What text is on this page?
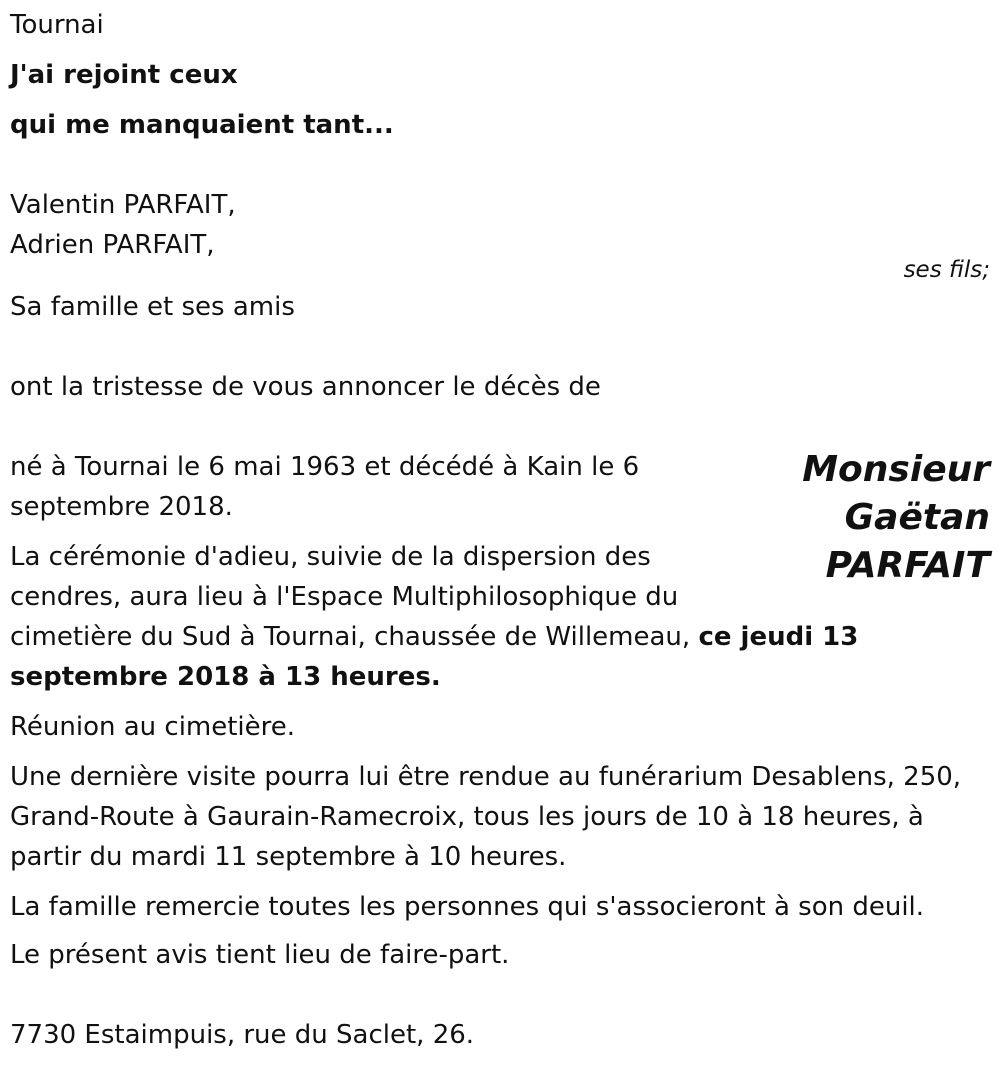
Tournai
J'ai rejoint ceux
qui me manquaient tant...
Valentin PARFAIT,
Adrien PARFAIT,
ses fils;
Sa famille et ses amis
ont la tristesse de vous annoncer le décès de
Monsieur
Gaëtan
PARFAIT
né à Tournai le 6 mai 1963 et décédé à Kain le 6
septembre 2018.
La cérémonie d'adieu, suivie de la dispersion des
cendres, aura lieu à l'Espace Multiphilosophique du
cimetière du Sud à Tournai, chaussée de Willemeau, ce jeudi 13
septembre 2018 à 13 heures.
Réunion au cimetière.
Une dernière visite pourra lui être rendue au funérarium Desablens, 250,
Grand-Route à Gaurain-Ramecroix, tous les jours de 10 à 18 heures, à
partir du mardi 11 septembre à 10 heures.
La famille remercie toutes les personnes qui s'associeront à son deuil.
Le présent avis tient lieu de faire-part.
7730 Estaimpuis, rue du Saclet, 26.
